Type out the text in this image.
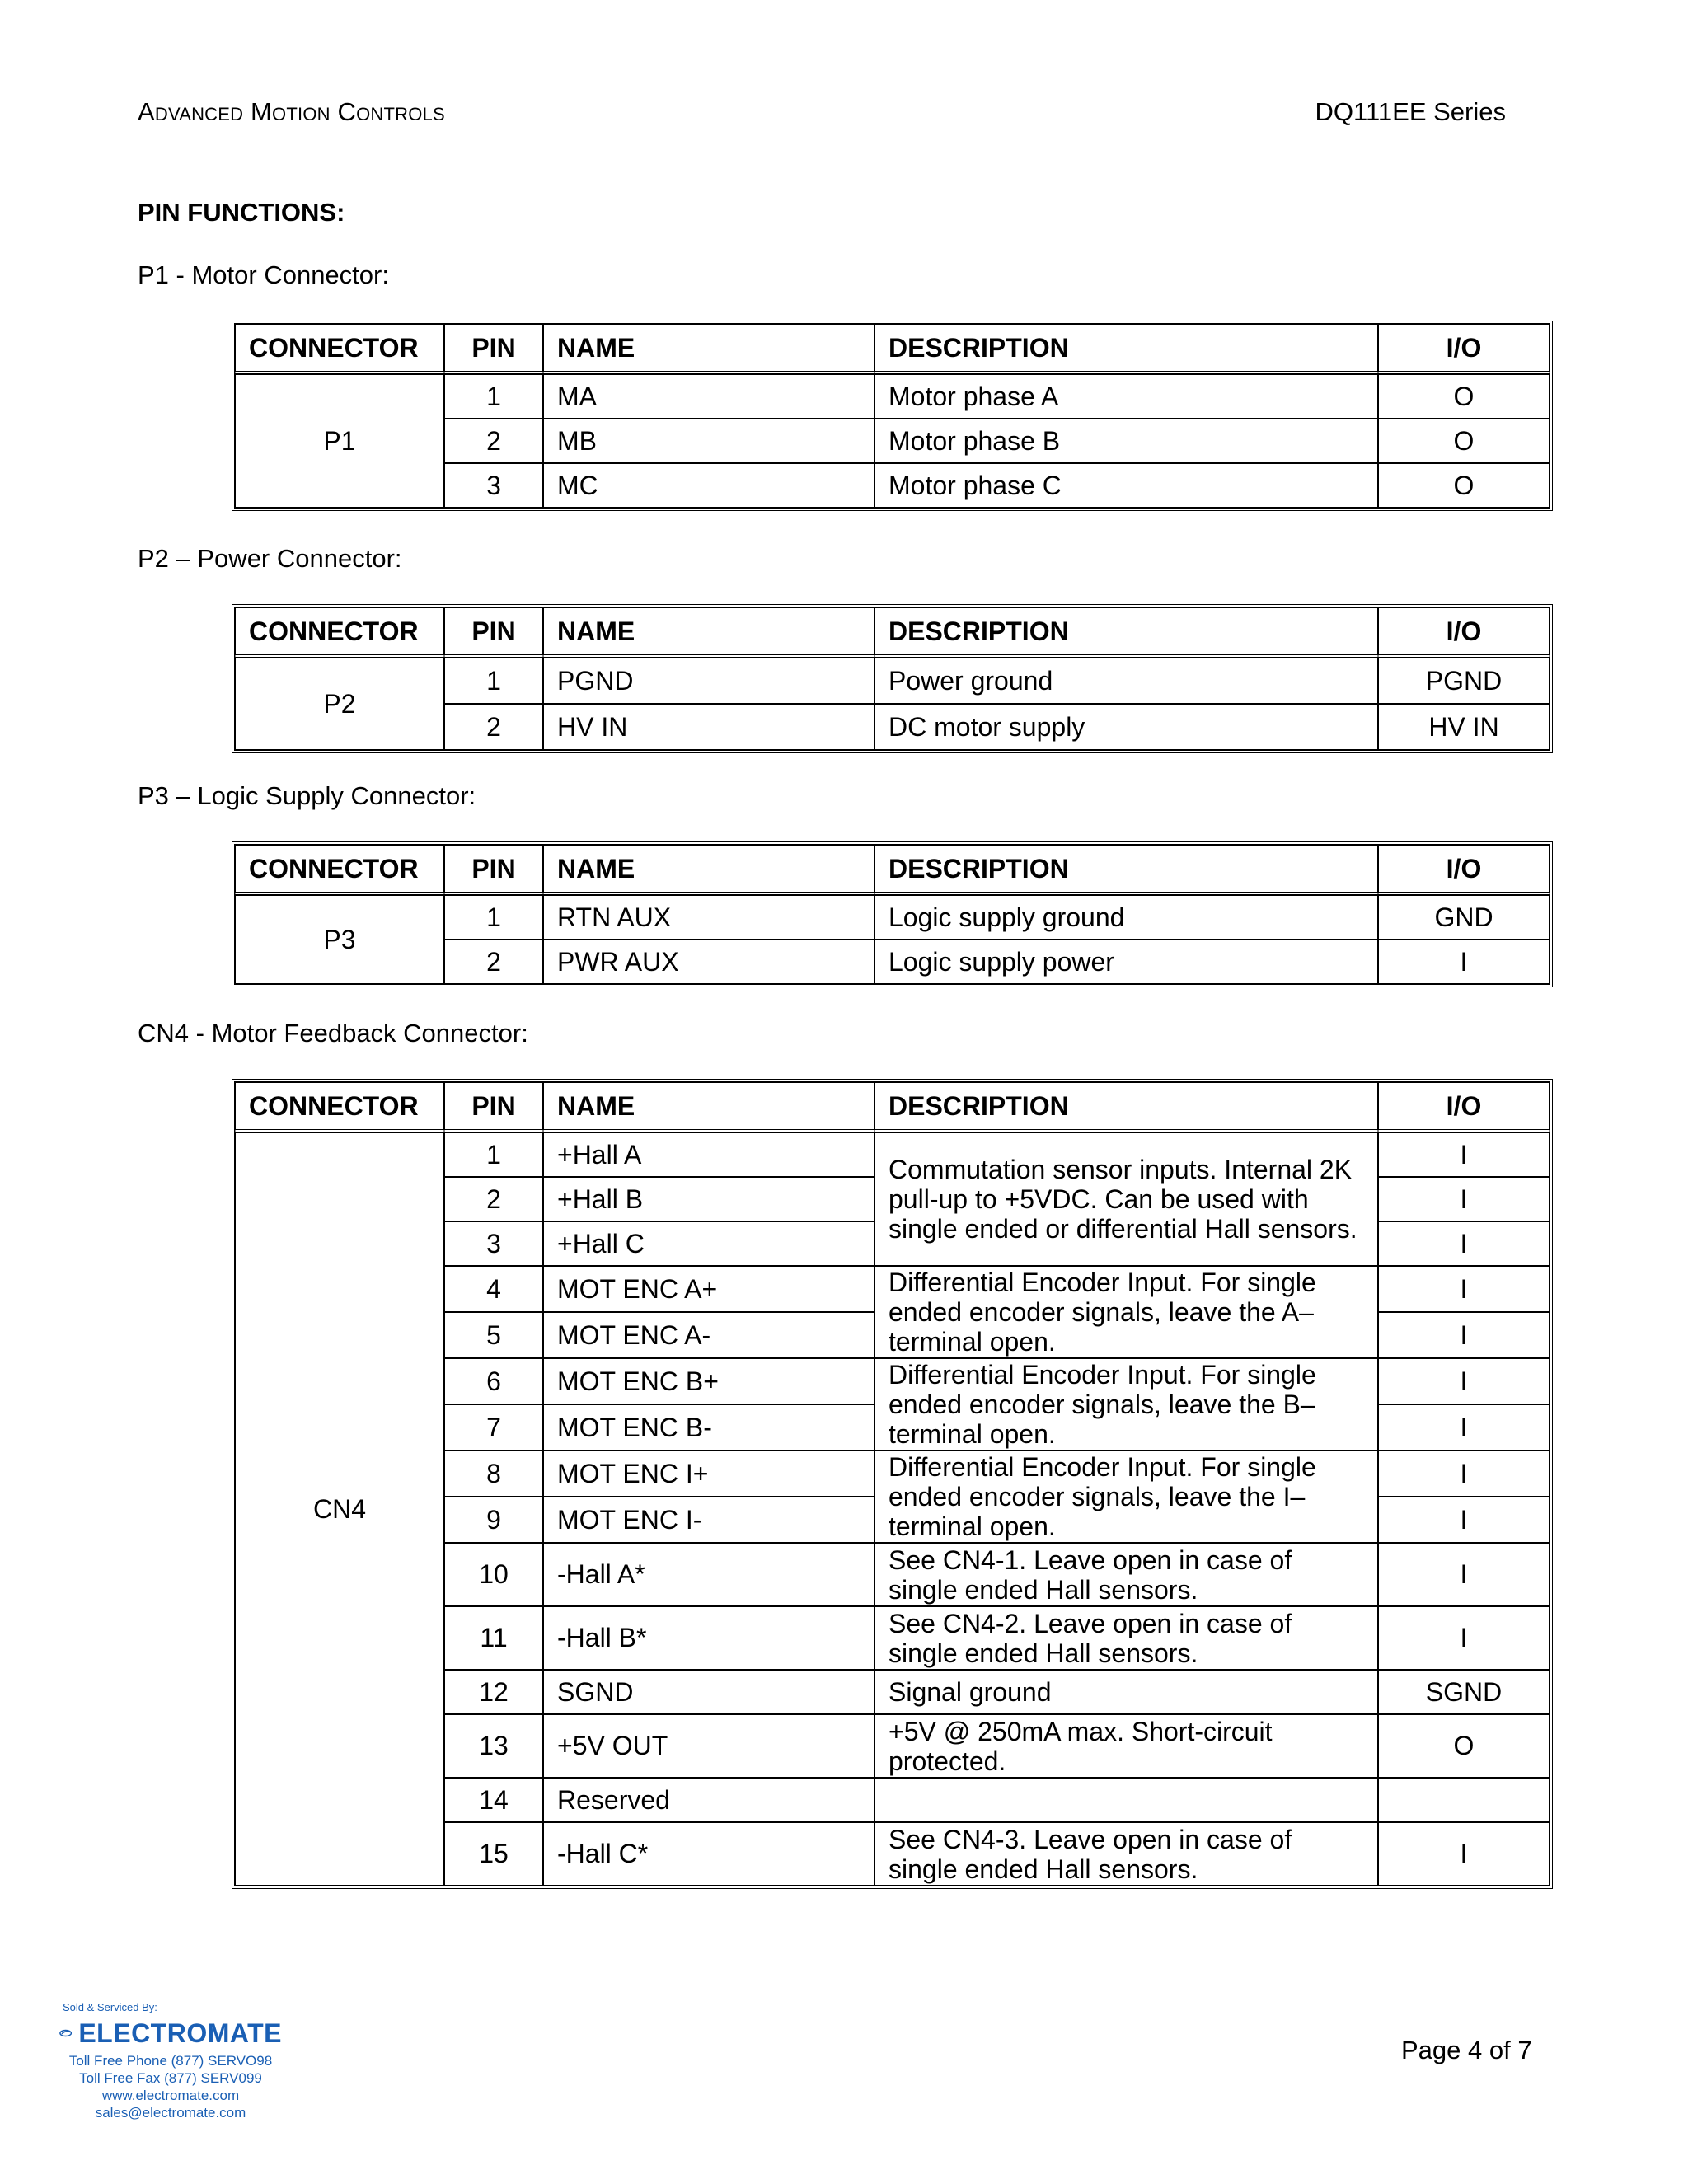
Advanced Motion Controls	DQ111EE Series
PIN FUNCTIONS:
P1 - Motor Connector:
CONNECTOR	PIN	NAME	DESCRIPTION	I/O
P1	1	MA	Motor phase A	O
	2	MB	Motor phase B	O
	3	MC	Motor phase C	O
P2 – Power Connector:
CONNECTOR	PIN	NAME	DESCRIPTION	I/O
P2	1	PGND	Power ground	PGND
	2	HV IN	DC motor supply	HV IN
P3 – Logic Supply Connector:
CONNECTOR	PIN	NAME	DESCRIPTION	I/O
P3	1	RTN AUX	Logic supply ground	GND
	2	PWR AUX	Logic supply power	I
CN4 - Motor Feedback Connector:
CONNECTOR	PIN	NAME	DESCRIPTION	I/O
CN4	1	+Hall A	Commutation sensor inputs. Internal 2K pull-up to +5VDC. Can be used with single ended or differential Hall sensors.	I
	2	+Hall B		I
	3	+Hall C		I
	4	MOT ENC A+	Differential Encoder Input. For single ended encoder signals, leave the A– terminal open.	I
	5	MOT ENC A-		I
	6	MOT ENC B+	Differential Encoder Input. For single ended encoder signals, leave the B– terminal open.	I
	7	MOT ENC B-		I
	8	MOT ENC I+	Differential Encoder Input. For single ended encoder signals, leave the I– terminal open.	I
	9	MOT ENC I-		I
	10	-Hall A*	See CN4-1. Leave open in case of single ended Hall sensors.	I
	11	-Hall B*	See CN4-2. Leave open in case of single ended Hall sensors.	I
	12	SGND	Signal ground	SGND
	13	+5V OUT	+5V @ 250mA max. Short-circuit protected.	O
	14	Reserved		
	15	-Hall C*	See CN4-3. Leave open in case of single ended Hall sensors.	I
Sold & Serviced By:
ELECTROMATE
Toll Free Phone (877) SERVO98
Toll Free Fax (877) SERV099
www.electromate.com
sales@electromate.com
Page 4 of 7
